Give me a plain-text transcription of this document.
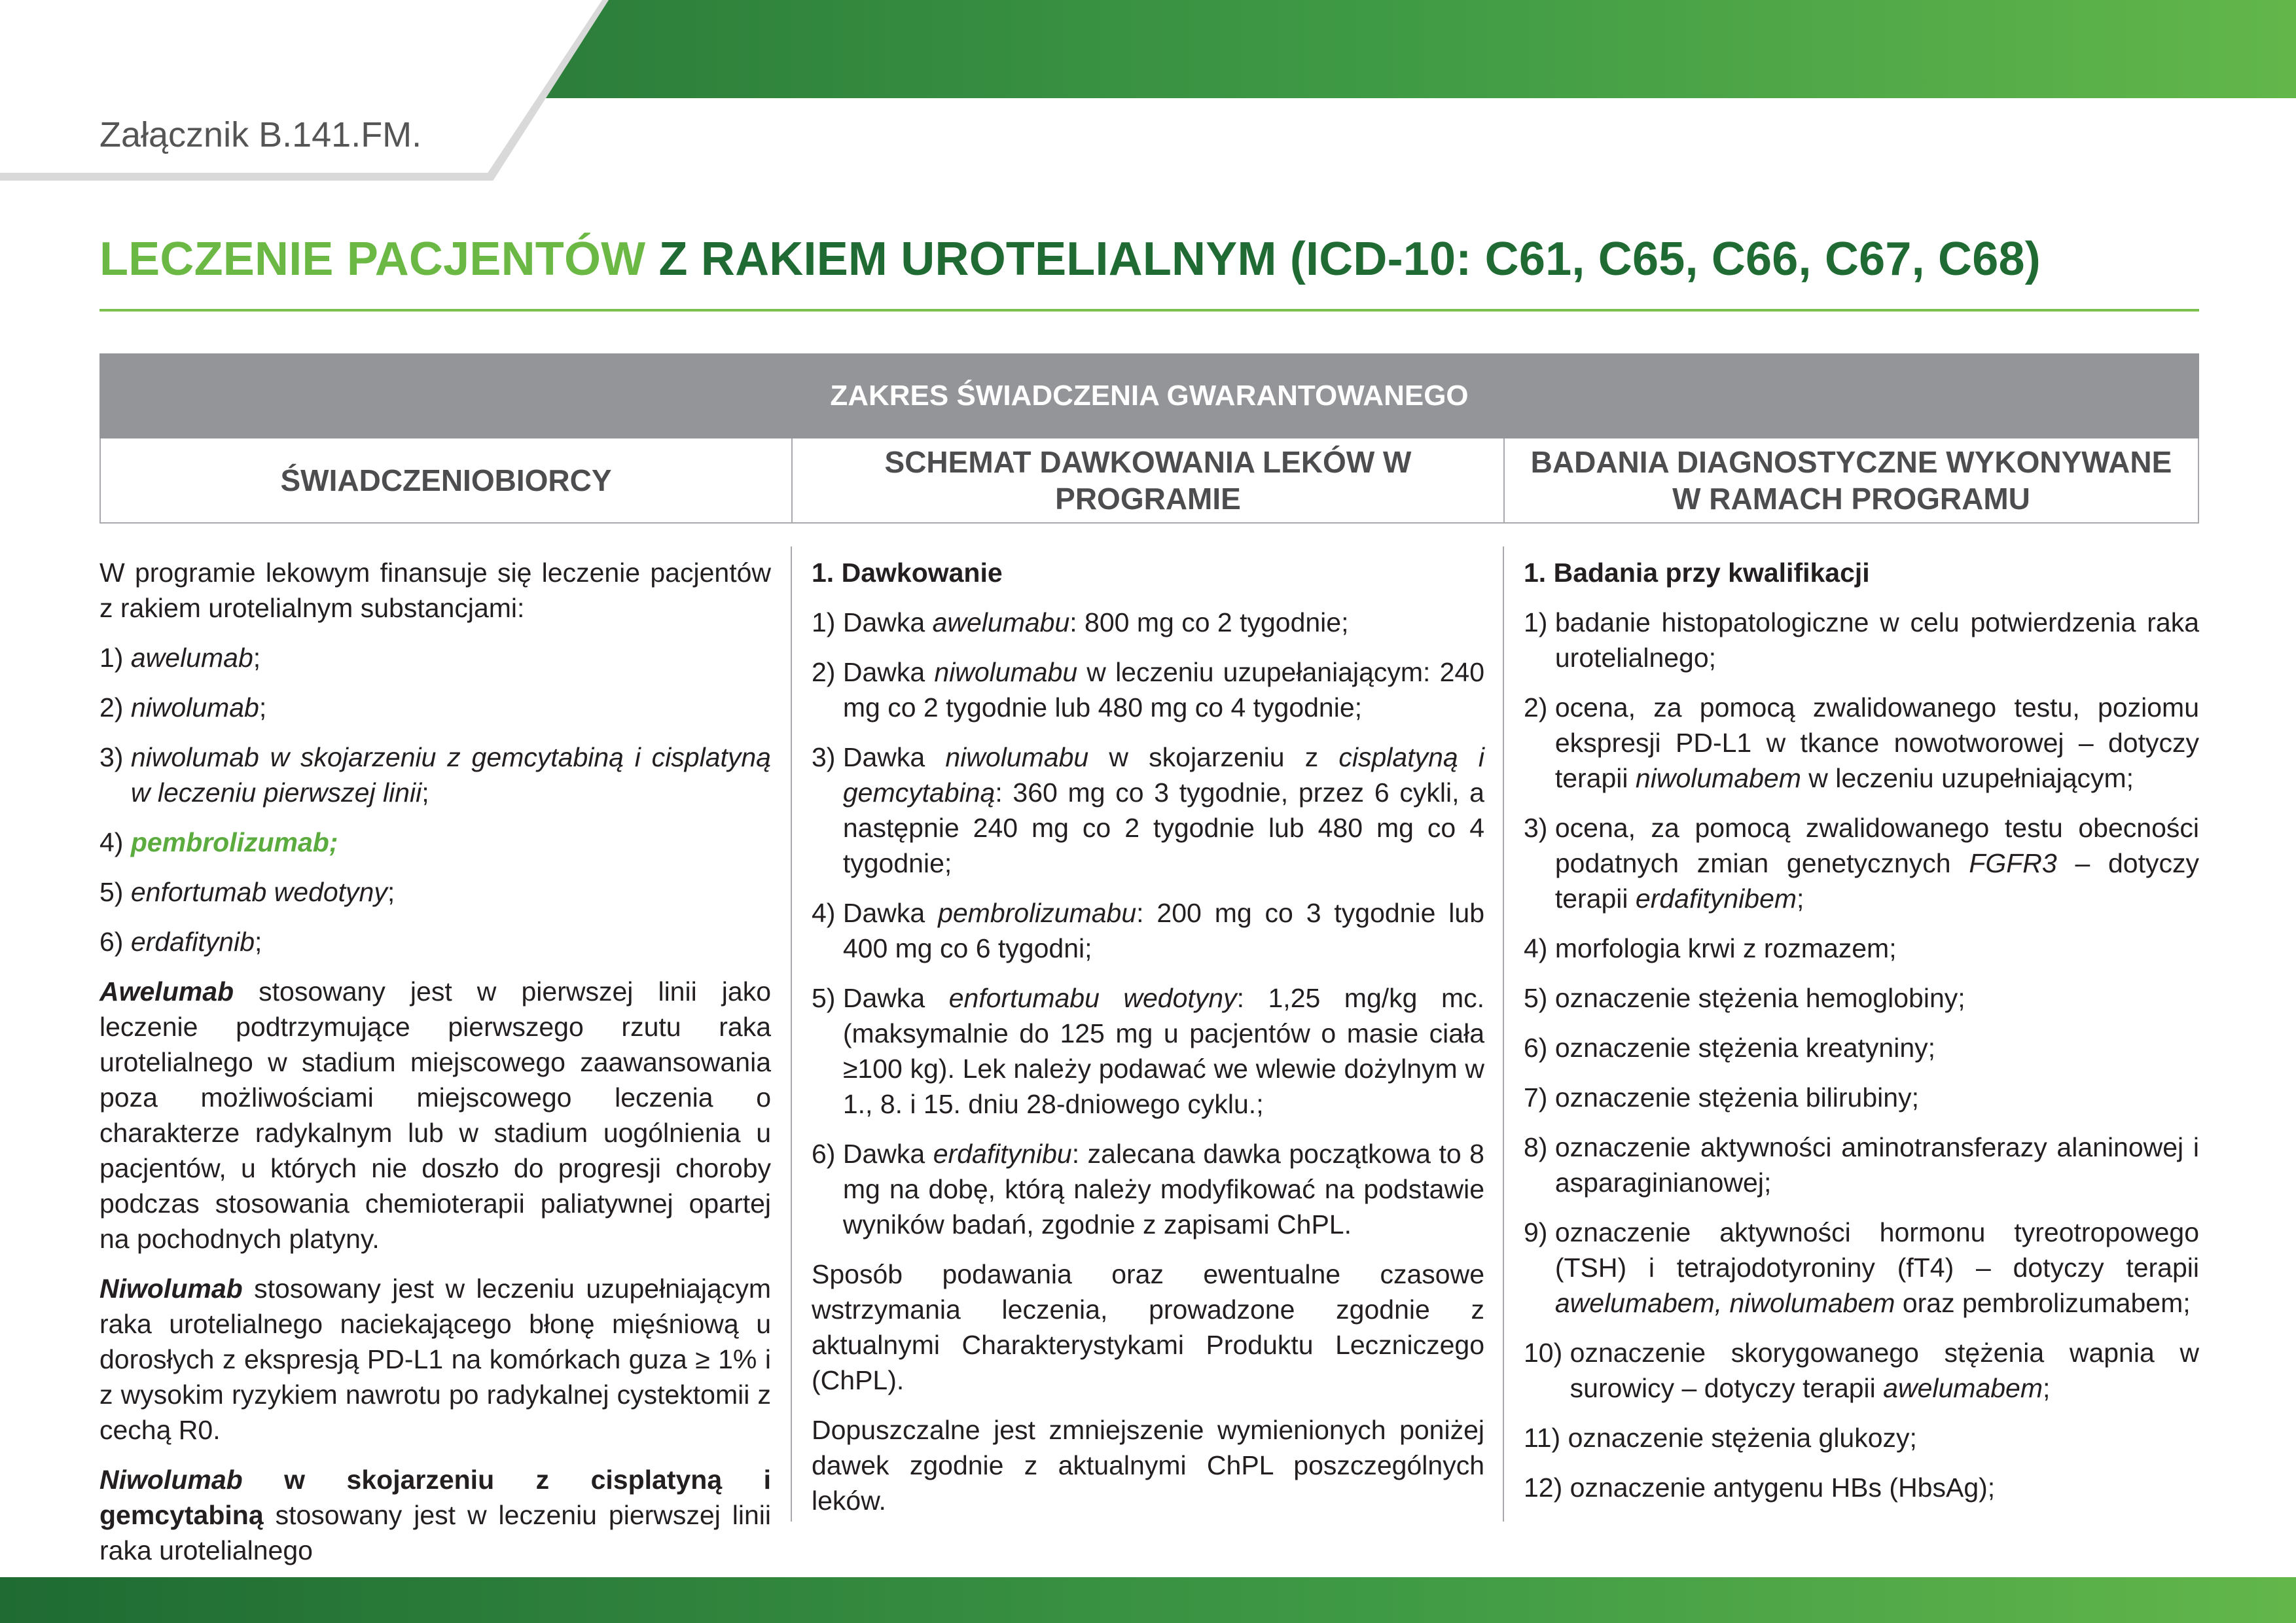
Załącznik B.141.FM.
LECZENIE PACJENTÓW Z RAKIEM UROTELIALNYM (ICD-10: C61, C65, C66, C67, C68)
ZAKRES ŚWIADCZENIA GWARANTOWANEGO
ŚWIADCZENIOBIORCY
SCHEMAT DAWKOWANIA LEKÓW W PROGRAMIE
BADANIA DIAGNOSTYCZNE WYKONYWANE
W RAMACH PROGRAMU

W programie lekowym finansuje się leczenie pacjentów z rakiem urotelialnym substancjami:

1) awelumab;
2) niwolumab;
3) niwolumab w skojarzeniu z gemcytabiną i cisplatyną w leczeniu pierwszej linii;
4) pembrolizumab;
5) enfortumab wedotyny;
6) erdafitynib;

Awelumab stosowany jest w pierwszej linii jako leczenie podtrzymujące pierwszego rzutu raka urotelialnego w stadium miejscowego zaawansowania poza możliwościami miejscowego leczenia o charakterze radykalnym lub w stadium uogólnienia u pacjentów, u których nie doszło do progresji choroby podczas stosowania chemioterapii paliatywnej opartej na pochodnych platyny.

Niwolumab stosowany jest w leczeniu uzupełniającym raka urotelialnego naciekającego błonę mięśniową u dorosłych z ekspresją PD-L1 na komórkach guza ≥ 1% i z wysokim ryzykiem nawrotu po radykalnej cystektomii z cechą R0.

Niwolumab w skojarzeniu z cisplatyną i gemcytabiną stosowany jest w leczeniu pierwszej linii raka urotelialnego

1. Dawkowanie
1) Dawka awelumabu: 800 mg co 2 tygodnie;
2) Dawka niwolumabu w leczeniu uzupełaniającym: 240 mg co 2 tygodnie lub 480 mg co 4 tygodnie;
3) Dawka niwolumabu w skojarzeniu z cisplatyną i gemcytabiną: 360 mg co 3 tygodnie, przez 6 cykli, a następnie 240 mg co 2 tygodnie lub 480 mg co 4 tygodnie;
4) Dawka pembrolizumabu: 200 mg co 3 tygodnie lub 400 mg co 6 tygodni;
5) Dawka enfortumabu wedotyny: 1,25 mg/kg mc. (maksymalnie do 125 mg u pacjentów o masie ciała ≥100 kg). Lek należy podawać we wlewie dożylnym w 1., 8. i 15. dniu 28-dniowego cyklu.;
6) Dawka erdafitynibu: zalecana dawka początkowa to 8 mg na dobę, którą należy modyfikować na podstawie wyników badań, zgodnie z zapisami ChPL.

Sposób podawania oraz ewentualne czasowe wstrzymania leczenia, prowadzone zgodnie z aktualnymi Charakterystykami Produktu Leczniczego (ChPL).

Dopuszczalne jest zmniejszenie wymienionych poniżej dawek zgodnie z aktualnymi ChPL poszczególnych leków.

1. Badania przy kwalifikacji
1) badanie histopatologiczne w celu potwierdzenia raka urotelialnego;
2) ocena, za pomocą zwalidowanego testu, poziomu ekspresji PD-L1 w tkance nowotworowej – dotyczy terapii niwolumabem w leczeniu uzupełniającym;
3) ocena, za pomocą zwalidowanego testu obecności podatnych zmian genetycznych FGFR3 – dotyczy terapii erdafitynibem;
4) morfologia krwi z rozmazem;
5) oznaczenie stężenia hemoglobiny;
6) oznaczenie stężenia kreatyniny;
7) oznaczenie stężenia bilirubiny;
8) oznaczenie aktywności aminotransferazy alaninowej i asparaginianowej;
9) oznaczenie aktywności hormonu tyreotropowego (TSH) i tetrajodotyroniny (fT4) – dotyczy terapii awelumabem, niwolumabem oraz pembrolizumabem;
10) oznaczenie skorygowanego stężenia wapnia w surowicy – dotyczy terapii awelumabem;
11) oznaczenie stężenia glukozy;
12) oznaczenie antygenu HBs (HbsAg);
